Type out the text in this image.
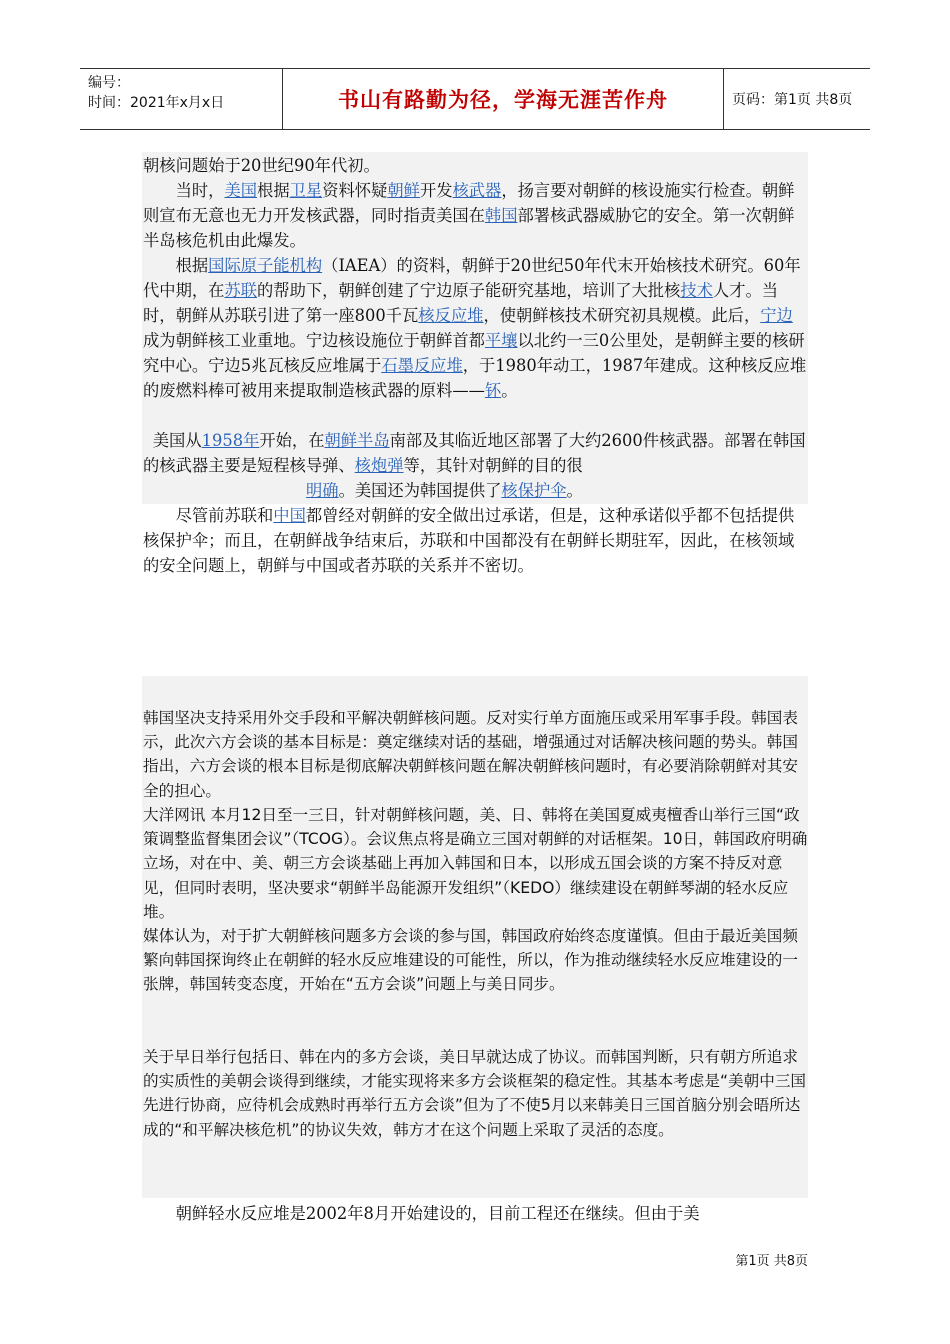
编号：
时间：2021年x月x日	书山有路勤为径，学海无涯苦作舟	页码：第1页 共8页

朝核问题始于20世纪90年代初。

当时，美国根据卫星资料怀疑朝鲜开发核武器，扬言要对朝鲜的核设施实行检查。朝鲜则宣布无意也无力开发核武器，同时指责美国在韩国部署核武器威胁它的安全。第一次朝鲜半岛核危机由此爆发。

根据国际原子能机构（IAEA）的资料，朝鲜于20世纪50年代末开始核技术研究。60年代中期，在苏联的帮助下，朝鲜创建了宁边原子能研究基地，培训了大批核技术人才。当时，朝鲜从苏联引进了第一座800千瓦核反应堆，使朝鲜核技术研究初具规模。此后，宁边成为朝鲜核工业重地。宁边核设施位于朝鲜首都平壤以北约一三0公里处，是朝鲜主要的核研究中心。宁边5兆瓦核反应堆属于石墨反应堆，于1980年动工，1987年建成。这种核反应堆的废燃料棒可被用来提取制造核武器的原料——钚。

美国从1958年开始，在朝鲜半岛南部及其临近地区部署了大约2600件核武器。部署在韩国的核武器主要是短程核导弹、核炮弹等，其针对朝鲜的目的很
明确。美国还为韩国提供了核保护伞。

尽管前苏联和中国都曾经对朝鲜的安全做出过承诺，但是，这种承诺似乎都不包括提供核保护伞；而且，在朝鲜战争结束后，苏联和中国都没有在朝鲜长期驻军，因此，在核领域的安全问题上，朝鲜与中国或者苏联的关系并不密切。

韩国坚决支持采用外交手段和平解决朝鲜核问题。反对实行单方面施压或采用军事手段。韩国表示，此次六方会谈的基本目标是：奠定继续对话的基础，增强通过对话解决核问题的势头。韩国指出，六方会谈的根本目标是彻底解决朝鲜核问题在解决朝鲜核问题时，有必要消除朝鲜对其安全的担心。

大洋网讯 本月12日至一三日，针对朝鲜核问题，美、日、韩将在美国夏威夷檀香山举行三国“政策调整监督集团会议”（TCOG）。会议焦点将是确立三国对朝鲜的对话框架。10日，韩国政府明确立场，对在中、美、朝三方会谈基础上再加入韩国和日本，以形成五国会谈的方案不持反对意见，但同时表明，坚决要求“朝鲜半岛能源开发组织”（KEDO）继续建设在朝鲜琴湖的轻水反应堆。

媒体认为，对于扩大朝鲜核问题多方会谈的参与国，韩国政府始终态度谨慎。但由于最近美国频繁向韩国探询终止在朝鲜的轻水反应堆建设的可能性，所以，作为推动继续轻水反应堆建设的一张牌，韩国转变态度，开始在“五方会谈”问题上与美日同步。

关于早日举行包括日、韩在内的多方会谈，美日早就达成了协议。而韩国判断，只有朝方所追求的实质性的美朝会谈得到继续，才能实现将来多方会谈框架的稳定性。其基本考虑是“美朝中三国先进行协商，应待机会成熟时再举行五方会谈”但为了不使5月以来韩美日三国首脑分别会晤所达成的“和平解决核危机”的协议失效，韩方才在这个问题上采取了灵活的态度。

朝鲜轻水反应堆是2002年8月开始建设的，目前工程还在继续。但由于美

第1页 共8页
